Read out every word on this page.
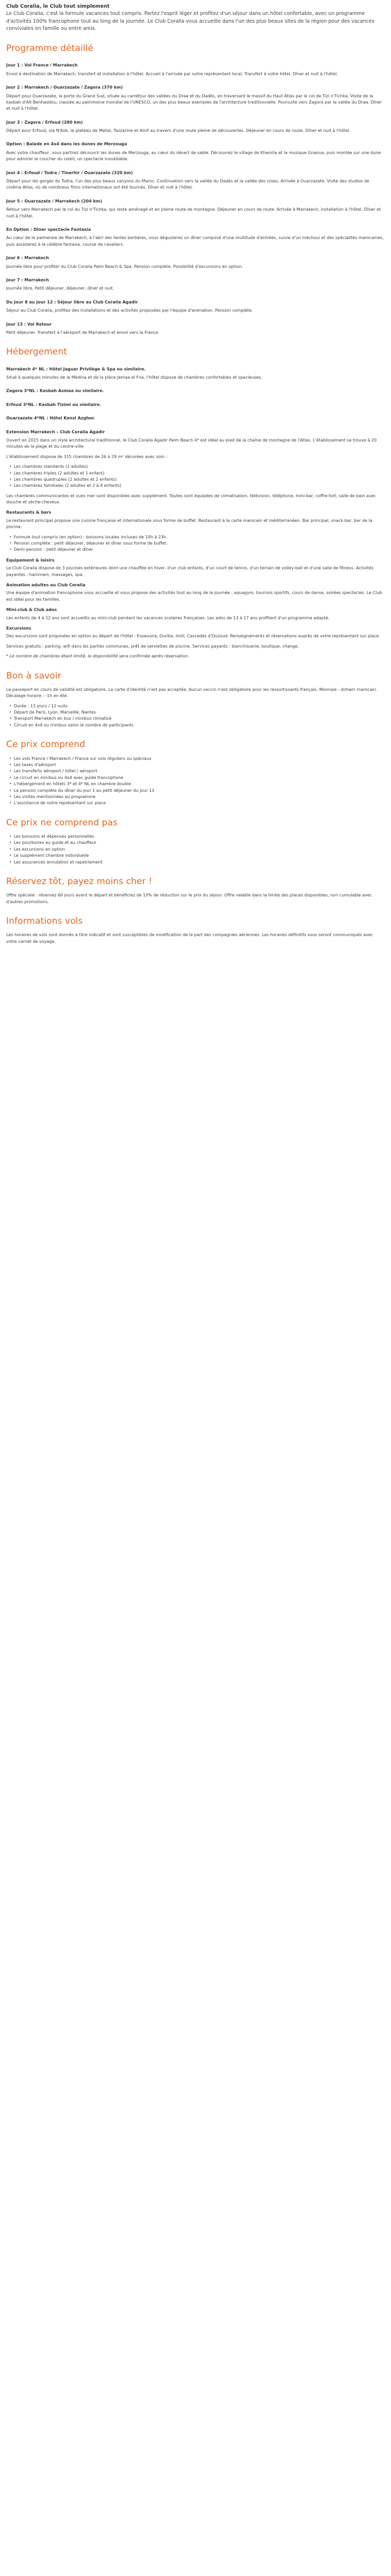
Club Coralia, le Club tout simplement
Le Club Coralia, c'est la formule vacances tout compris. Partez l'esprit léger et profitez d'un séjour dans un hôtel confortable, avec un programme d'activités 100% francophone tout au long de la journée. Le Club Coralia vous accueille dans l'un des plus beaux sites de la région pour des vacances conviviales en famille ou entre amis.

Programme détaillé
Jour 1 : Vol France / Marrakech

Envol à destination de Marrakech, transfert et installation à l'hôtel. Accueil à l'arrivée par notre représentant local. Transfert à votre hôtel. Dîner et nuit à l'hôtel.

Jour 2 : Marrakech / Ouarzazate / Zagora (370 km)

Départ pour Ouarzazate, la porte du Grand Sud, située au carrefour des vallées du Draa et du Dadès, en traversant le massif du Haut Atlas par le col de Tizi n'Tichka. Visite de la kasbah d'Aït Benhaddou, classée au patrimoine mondial de l'UNESCO, un des plus beaux exemples de l'architecture traditionnelle. Poursuite vers Zagora par la vallée du Draa. Dîner et nuit à l'hôtel.

Jour 3 : Zagora / Erfoud (280 km)

Départ pour Erfoud, via N'Kob, le plateau de Mellal, Tazzarine et Alnif au travers d'une route pleine de découvertes. Déjeuner en cours de route. Dîner et nuit à l'hôtel.

Option : Balade en 4x4 dans les dunes de Merzouga

Avec votre chauffeur, vous partirez découvrir les dunes de Merzouga, au cœur du désert de sable. Découvrez le village de Khamlia et la musique Gnaoua, puis montée sur une dune pour admirer le coucher du soleil, un spectacle inoubliable.

Jour 4 : Erfoud / Todra / Tinerhir / Ouarzazate (320 km)

Départ pour les gorges du Todra, l'un des plus beaux canyons du Maroc. Continuation vers la vallée du Dadès et la vallée des roses. Arrivée à Ouarzazate. Visite des studios de cinéma Atlas, où de nombreux films internationaux ont été tournés. Dîner et nuit à l'hôtel.

Jour 5 : Ouarzazate / Marrakech (204 km)

Retour vers Marrakech par le col du Tizi n'Tichka, qui reste aménagé et en pleine route de montagne. Déjeuner en cours de route. Arrivée à Marrakech, installation à l'hôtel. Dîner et nuit à l'hôtel.

En Option : Dîner spectacle Fantasia

Au cœur de la palmeraie de Marrakech, à l'abri des tentes berbères, vous dégusterez un dîner composé d'une multitude d'entrées, suivie d'un méchoui et des spécialités marocaines, puis assisterez à la célèbre fantasia, course de cavaliers.

Jour 6 : Marrakech

Journée libre pour profiter du Club Coralia Palm Beach & Spa. Pension complète. Possibilité d'excursions en option.

Jour 7 : Marrakech

Journée libre. Petit déjeuner, déjeuner, dîner et nuit.

Du Jour 8 au Jour 12 : Séjour libre au Club Coralia Agadir

Séjour au Club Coralia, profitez des installations et des activités proposées par l'équipe d'animation. Pension complète.

Jour 13 : Vol Retour

Petit déjeuner. Transfert à l'aéroport de Marrakech et envol vers la France.

Hébergement
Marrakech 4* NL : Hôtel Jaguar Privilège & Spa ou similaire.

Situé à quelques minutes de la Médina et de la place Jemaa el Fna, l'hôtel dispose de chambres confortables et spacieuses.

Zagora 3*NL : Kasbah Asmaa ou similaire.
Erfoud 3*NL : Kasbah Tizimi ou similaire.
Ouarzazate 4*NL : Hôtel Kenzi Azghor.
Extension Marrakech – Club Coralia Agadir

Ouvert en 2015 dans un style architectural traditionnel, le Club Coralia Agadir Palm Beach 4* est idéal au pied de la chaîne de montagne de l'Atlas. L'établissement se trouve à 20 minutes de la plage et du centre-ville.

L'établissement dispose de 315 chambres de 26 à 29 m² décorées avec soin :

• Les chambres standards (2 adultes)
• Les chambres triples (2 adultes et 1 enfant)
• Les chambres quadruples (2 adultes et 2 enfants)
• Les chambres familiales (2 adultes et 2 à 4 enfants)

Les chambres communicantes et vues mer sont disponibles avec supplément. Toutes sont équipées de climatisation, télévision, téléphone, mini-bar, coffre-fort, salle de bain avec douche et sèche-cheveux.

Restaurants & bars

Le restaurant principal propose une cuisine française et internationale sous forme de buffet. Restaurant à la carte marocain et méditerranéen. Bar principal, snack-bar, bar de la piscine.

• Formule tout compris (en option) : boissons locales incluses de 10h à 23h.
• Pension complète : petit déjeuner, déjeuner et dîner sous forme de buffet.
• Demi-pension : petit déjeuner et dîner.
Équipement & loisirs

Le Club Coralia dispose de 3 piscines extérieures dont une chauffée en hiver, d'un club enfants, d'un court de tennis, d'un terrain de volley-ball et d'une salle de fitness. Activités payantes : hammam, massages, spa.

Animation adultes au Club Coralia

Une équipe d'animation francophone vous accueille et vous propose des activités tout au long de la journée : aquagym, tournois sportifs, cours de danse, soirées spectacles. Le Club est idéal pour les familles.

Mini-club & Club ados

Les enfants de 4 à 12 ans sont accueillis au mini-club pendant les vacances scolaires françaises. Les ados de 13 à 17 ans profitent d'un programme adapté.

Excursions

Des excursions sont proposées en option au départ de l'hôtel : Essaouira, Ourika, Imlil, Cascades d'Ouzoud. Renseignements et réservations auprès de votre représentant sur place.

Services gratuits : parking, wifi dans les parties communes, prêt de serviettes de piscine. Services payants : blanchisserie, boutique, change.

* Le nombre de chambres étant limité, la disponibilité sera confirmée après réservation.

Bon à savoir

Le passeport en cours de validité est obligatoire. La carte d'identité n'est pas acceptée. Aucun vaccin n'est obligatoire pour les ressortissants français. Monnaie : dirham marocain. Décalage horaire : -1h en été.

• Durée : 13 jours / 12 nuits
• Départ de Paris, Lyon, Marseille, Nantes
• Transport Marrakech en bus / minibus climatisé
• Circuit en 4x4 ou minibus selon le nombre de participants
Ce prix comprend
• Les vols France / Marrakech / France sur vols réguliers ou spéciaux
• Les taxes d'aéroport
• Les transferts aéroport / hôtel / aéroport
• Le circuit en minibus ou 4x4 avec guide francophone
• L'hébergement en hôtels 3* et 4* NL en chambre double
• La pension complète du dîner du jour 1 au petit déjeuner du jour 13
• Les visites mentionnées au programme
• L'assistance de notre représentant sur place
Ce prix ne comprend pas
• Les boissons et dépenses personnelles
• Les pourboires au guide et au chauffeur
• Les excursions en option
• Le supplément chambre individuelle
• Les assurances annulation et rapatriement
Réservez tôt, payez moins cher !

Offre spéciale : réservez 60 jours avant le départ et bénéficiez de 10% de réduction sur le prix du séjour. Offre valable dans la limite des places disponibles, non cumulable avec d'autres promotions.

Informations vols

Les horaires de vols sont donnés à titre indicatif et sont susceptibles de modification de la part des compagnies aériennes. Les horaires définitifs vous seront communiqués avec votre carnet de voyage.
